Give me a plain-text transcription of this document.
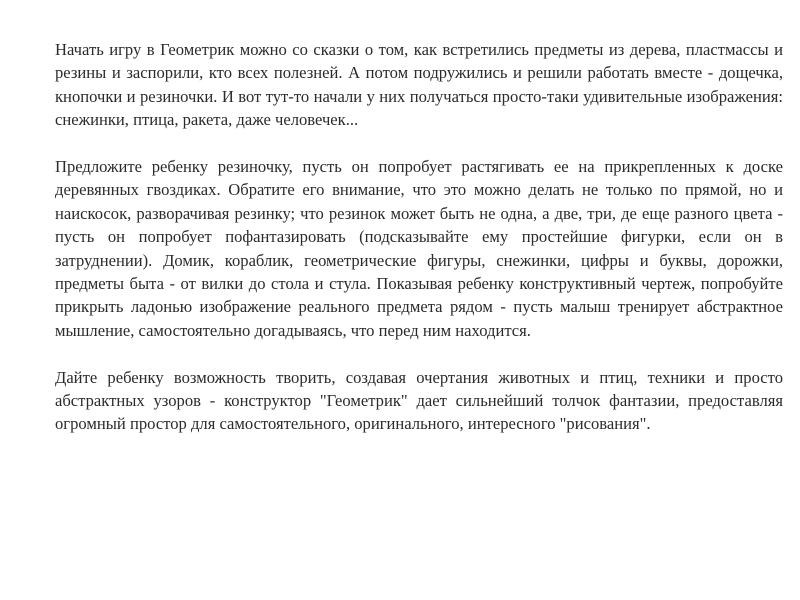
Начать игру в Геометрик можно со сказки о том, как встретились предметы из дерева, пластмассы и резины и заспорили, кто всех полезней. А потом подружились и решили работать вместе - дощечка, кнопочки и резиночки. И вот тут-то начали у них получаться просто-таки удивительные изображения: снежинки, птица, ракета, даже человечек...

Предложите ребенку резиночку, пусть он попробует растягивать ее на прикрепленных к доске деревянных гвоздиках. Обратите его внимание, что это можно делать не только по прямой, но и наискосок, разворачивая резинку; что резинок может быть не одна, а две, три, де еще разного цвета - пусть он попробует пофантазировать (подсказывайте ему простейшие фигурки, если он в затруднении). Домик, кораблик, геометрические фигуры, снежинки, цифры и буквы, дорожки, предметы быта - от вилки до стола и стула. Показывая ребенку конструктивный чертеж, попробуйте прикрыть ладонью изображение реального предмета рядом - пусть малыш тренирует абстрактное мышление, самостоятельно догадываясь, что перед ним находится.

Дайте ребенку возможность творить, создавая очертания животных и птиц, техники и просто абстрактных узоров - конструктор "Геометрик" дает сильнейший толчок фантазии, предоставляя огромный простор для самостоятельного, оригинального, интересного "рисования".
